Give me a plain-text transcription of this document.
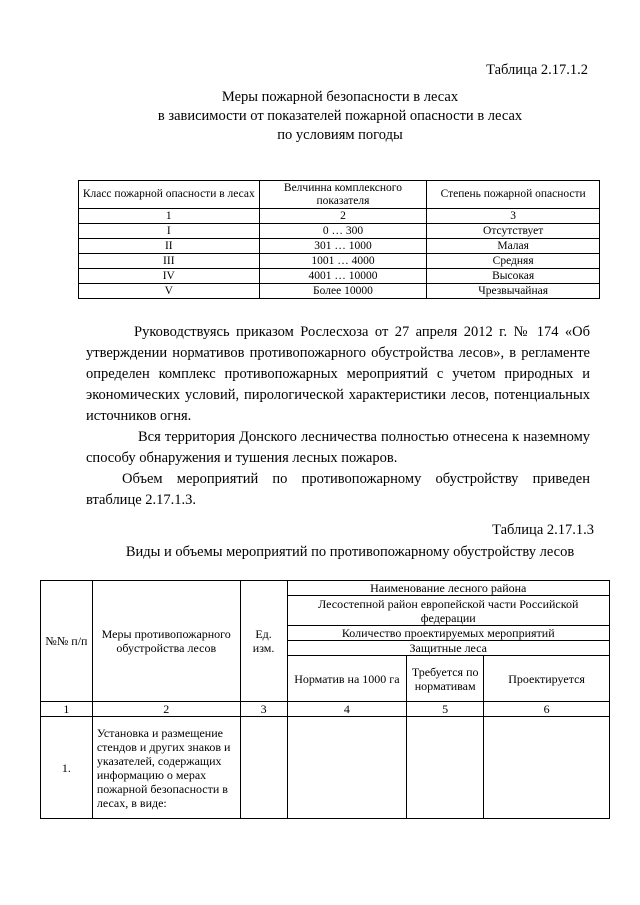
Таблица 2.17.1.2
Меры пожарной безопасности в лесах
в зависимости от показателей пожарной опасности в лесах
по условиям погоды
Класс пожарной опасности в лесах	Велчинна комплексного показателя	Степень пожарной опасности
1	2	3
I	0 … 300	Отсутствует
II	301 … 1000	Малая
III	1001 … 4000	Средняя
IV	4001 … 10000	Высокая
V	Более 10000	Чрезвычайная

Руководствуясь приказом Рослесхоза от 27 апреля 2012 г. № 174 «Об утверждении нормативов противопожарного обустройства лесов», в регламенте определен комплекс противопожарных мероприятий с учетом природных и экономических условий, пирологической характеристики лесов, потенциальных источников огня.

Вся территория Донского лесничества полностью отнесена к наземному способу обнаружения и тушения лесных пожаров.

Объем мероприятий по противопожарному обустройству приведен втаблице 2.17.1.3.

Таблица 2.17.1.3
Виды и объемы мероприятий по противопожарному обустройству лесов
№№ п/п	Меры противопожарного обустройства лесов	Ед. изм.	Наименование лесного района		
			Лесостепной район европейской части Российской федерации		
			Количество проектируемых мероприятий		
			Защитные леса		
			Норматив на 1000 га	Требуется по нормативам	Проектируется
1	2	3	4	5	6
1.	Установка и размещение стендов и других знаков и указателей, содержащих информацию о мерах пожарной безопасности в лесах, в виде:				
